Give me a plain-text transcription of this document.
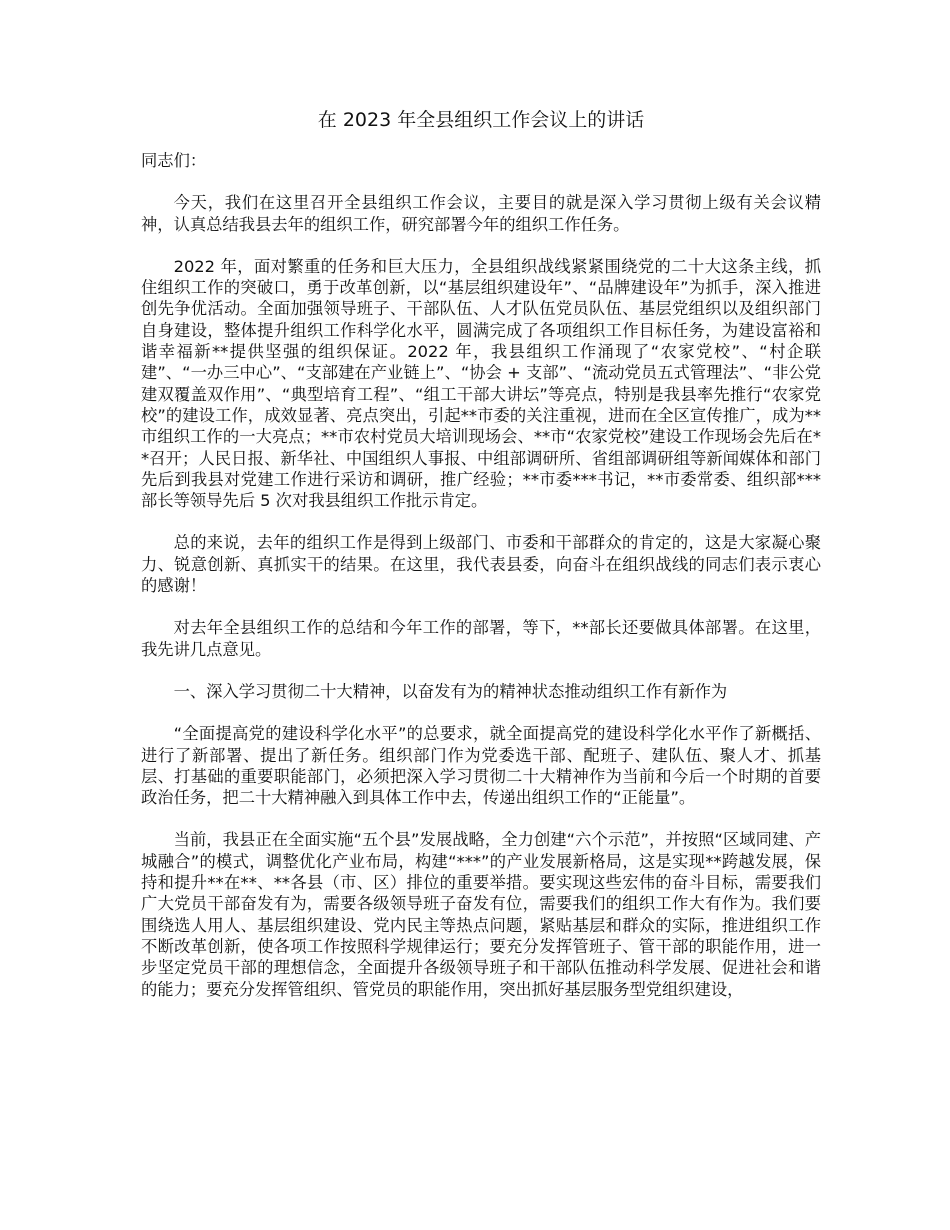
在 2023 年全县组织工作会议上的讲话
同志们：
今天，我们在这里召开全县组织工作会议，主要目的就是深入学习贯彻上级有关会议精神，认真总结我县去年的组织工作，研究部署今年的组织工作任务。
2022 年，面对繁重的任务和巨大压力，全县组织战线紧紧围绕党的二十大这条主线，抓住组织工作的突破口，勇于改革创新，以“基层组织建设年”、“品牌建设年”为抓手，深入推进创先争优活动。全面加强领导班子、干部队伍、人才队伍党员队伍、基层党组织以及组织部门自身建设，整体提升组织工作科学化水平，圆满完成了各项组织工作目标任务，为建设富裕和谐幸福新**提供坚强的组织保证。2022 年，我县组织工作涌现了“农家党校”、“村企联建”、“一办三中心”、“支部建在产业链上”、“协会 + 支部”、“流动党员五式管理法”、“非公党建双覆盖双作用”、“典型培育工程”、“组工干部大讲坛”等亮点，特别是我县率先推行“农家党校”的建设工作，成效显著、亮点突出，引起**市委的关注重视，进而在全区宣传推广，成为**市组织工作的一大亮点；**市农村党员大培训现场会、**市“农家党校”建设工作现场会先后在**召开；人民日报、新华社、中国组织人事报、中组部调研所、省组部调研组等新闻媒体和部门先后到我县对党建工作进行采访和调研，推广经验；**市委***书记，**市委常委、组织部***部长等领导先后 5 次对我县组织工作批示肯定。
总的来说，去年的组织工作是得到上级部门、市委和干部群众的肯定的，这是大家凝心聚力、锐意创新、真抓实干的结果。在这里，我代表县委，向奋斗在组织战线的同志们表示衷心的感谢！
对去年全县组织工作的总结和今年工作的部署，等下，**部长还要做具体部署。在这里，我先讲几点意见。
一、深入学习贯彻二十大精神，以奋发有为的精神状态推动组织工作有新作为
“全面提高党的建设科学化水平”的总要求，就全面提高党的建设科学化水平作了新概括、进行了新部署、提出了新任务。组织部门作为党委选干部、配班子、建队伍、聚人才、抓基层、打基础的重要职能部门，必须把深入学习贯彻二十大精神作为当前和今后一个时期的首要政治任务，把二十大精神融入到具体工作中去，传递出组织工作的“正能量”。
当前，我县正在全面实施“五个县”发展战略，全力创建“六个示范”，并按照“区域同建、产城融合”的模式，调整优化产业布局，构建“***”的产业发展新格局，这是实现**跨越发展，保持和提升**在**、**各县（市、区）排位的重要举措。要实现这些宏伟的奋斗目标，需要我们广大党员干部奋发有为，需要各级领导班子奋发有位，需要我们的组织工作大有作为。我们要围绕选人用人、基层组织建设、党内民主等热点问题，紧贴基层和群众的实际，推进组织工作不断改革创新，使各项工作按照科学规律运行；要充分发挥管班子、管干部的职能作用，进一步坚定党员干部的理想信念，全面提升各级领导班子和干部队伍推动科学发展、促进社会和谐的能力；要充分发挥管组织、管党员的职能作用，突出抓好基层服务型党组织建设，
